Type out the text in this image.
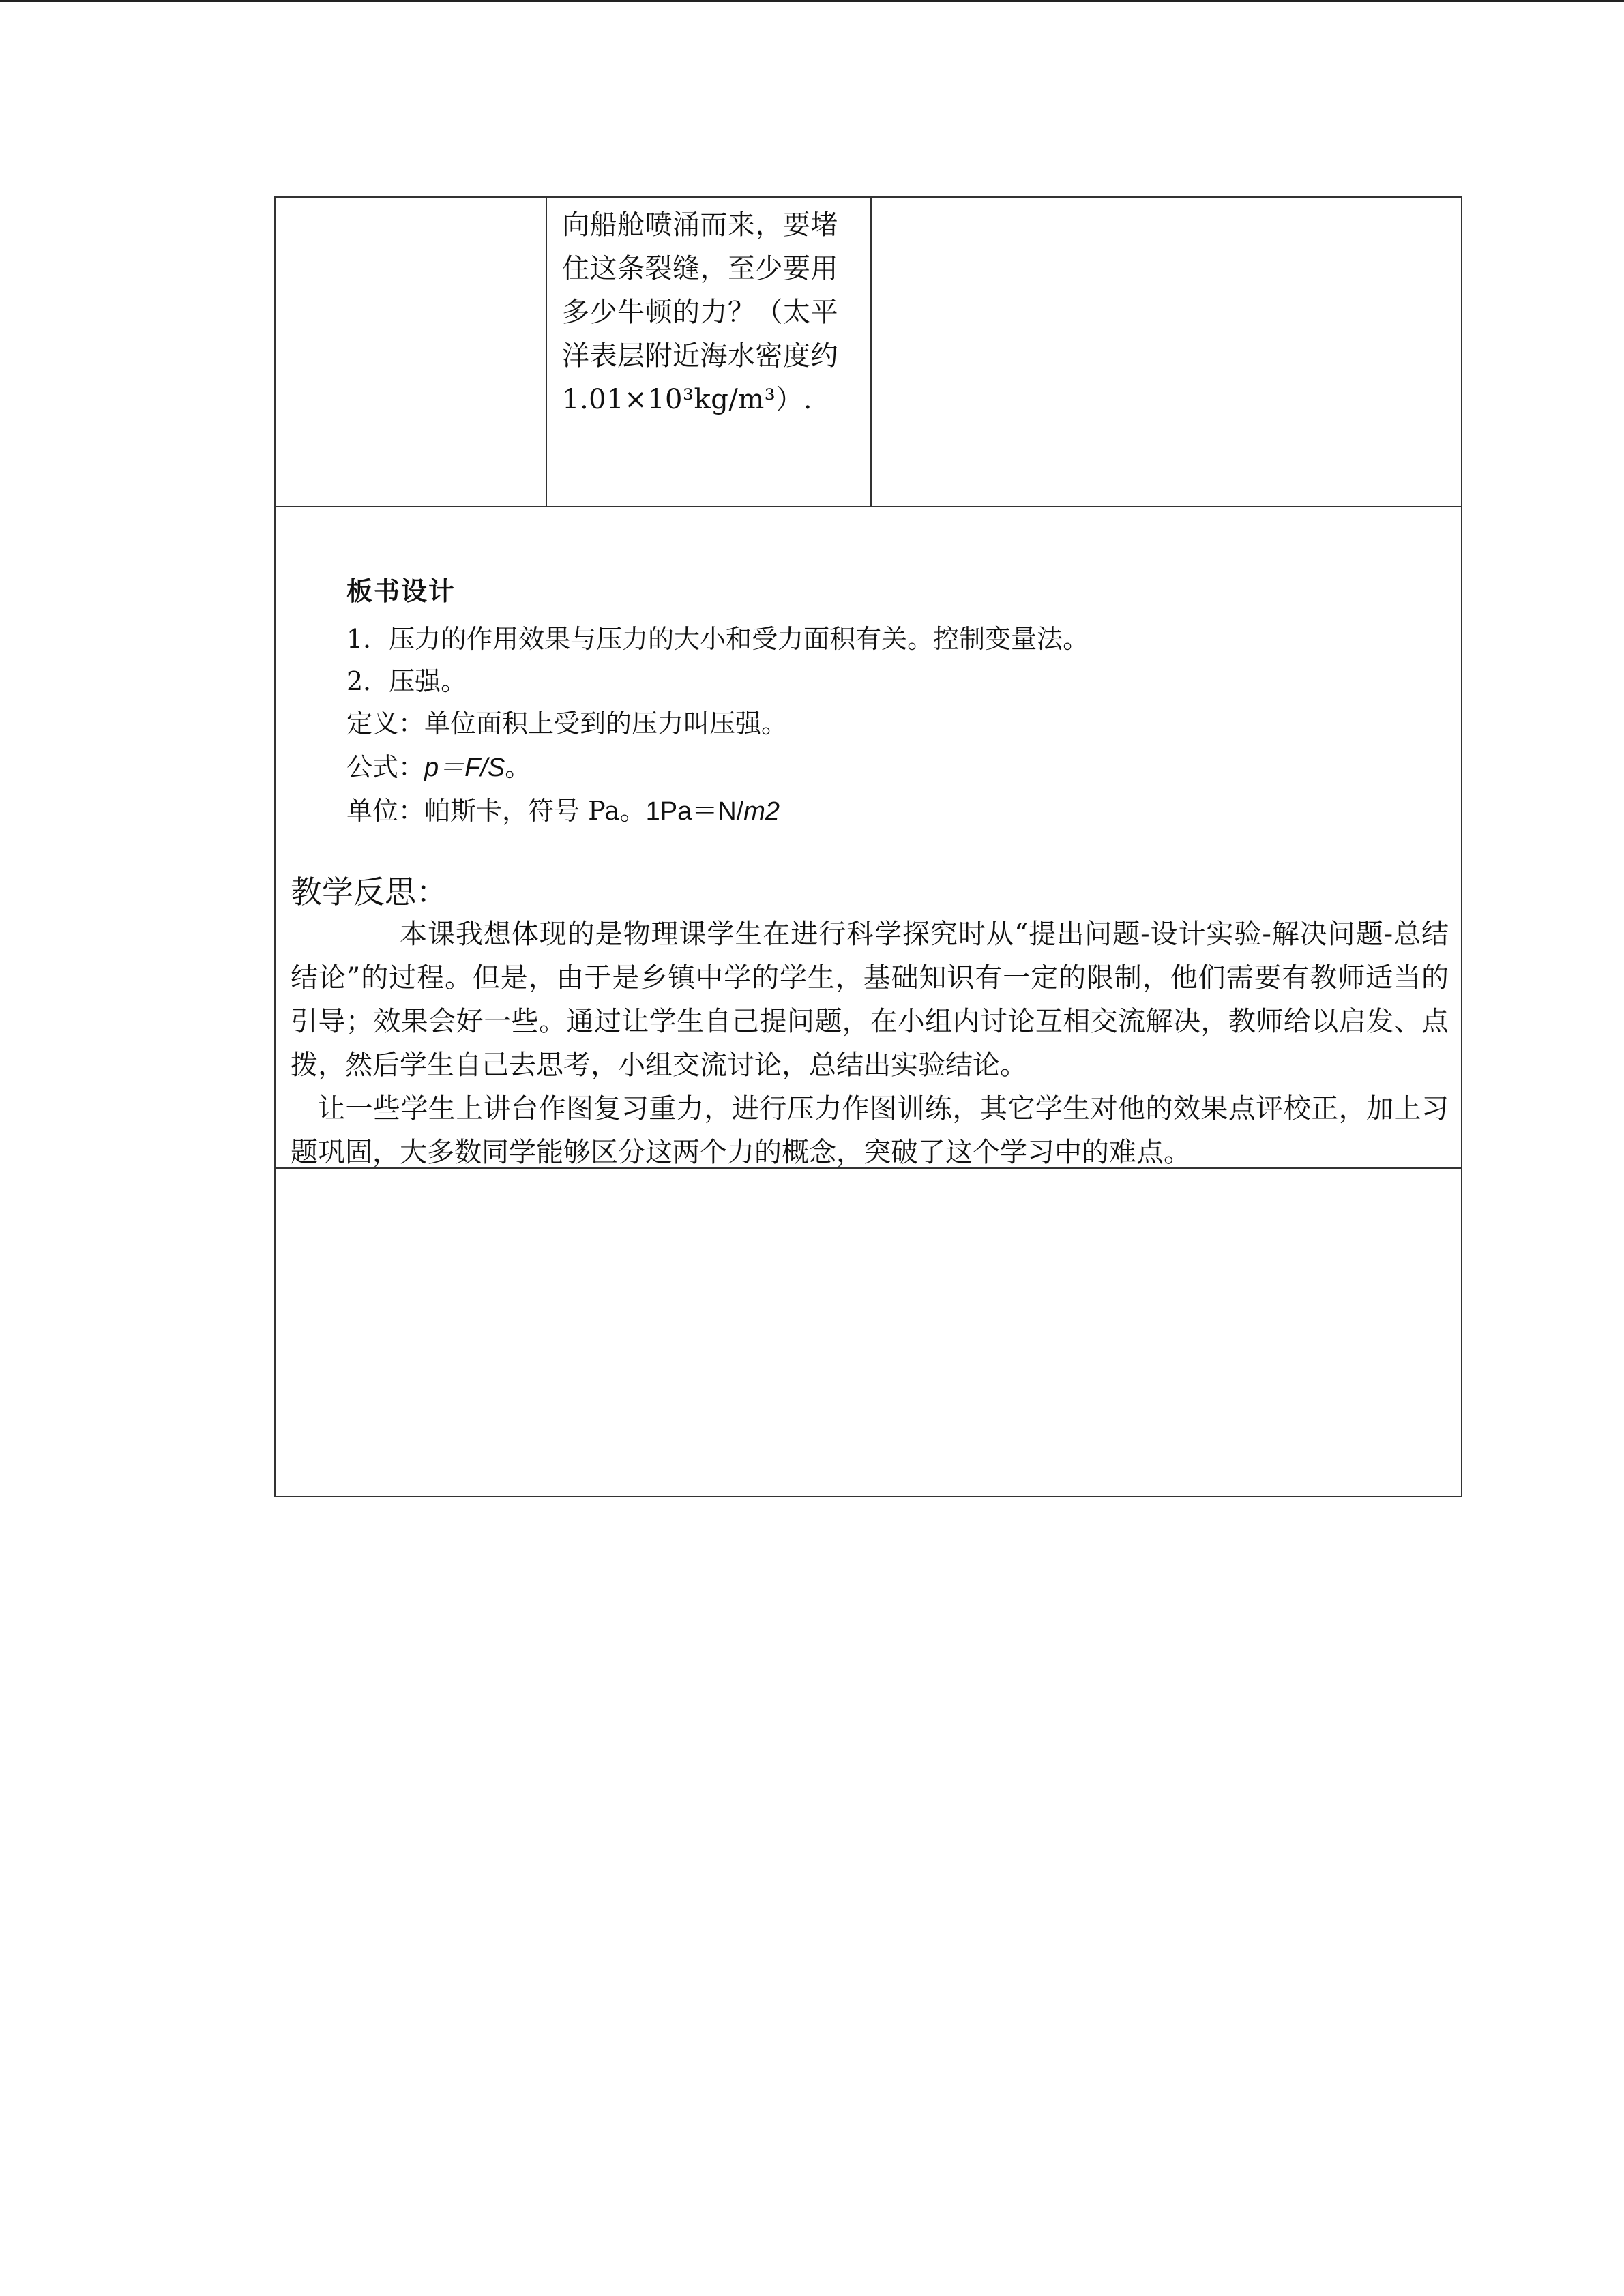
向船舱喷涌而来，要堵
住这条裂缝，至少要用
多少牛顿的力？（太平
洋表层附近海水密度约
1.01×10³kg/m³）.
板书设计
1．压力的作用效果与压力的大小和受力面积有关。控制变量法。
2．压强。
定义：单位面积上受到的压力叫压强。
公式：p＝F/S。
单位：帕斯卡，符号 Pa。1Pa＝N/m2
教学反思：

本课我想体现的是物理课学生在进行科学探究时从“提出问题-设计实验-解决问题-总结结论”的过程。但是，由于是乡镇中学的学生，基础知识有一定的限制，他们需要有教师适当的引导；效果会好一些。通过让学生自己提问题，在小组内讨论互相交流解决，教师给以启发、点拨，然后学生自己去思考，小组交流讨论，总结出实验结论。

让一些学生上讲台作图复习重力，进行压力作图训练，其它学生对他的效果点评校正，加上习题巩固，大多数同学能够区分这两个力的概念，突破了这个学习中的难点。
